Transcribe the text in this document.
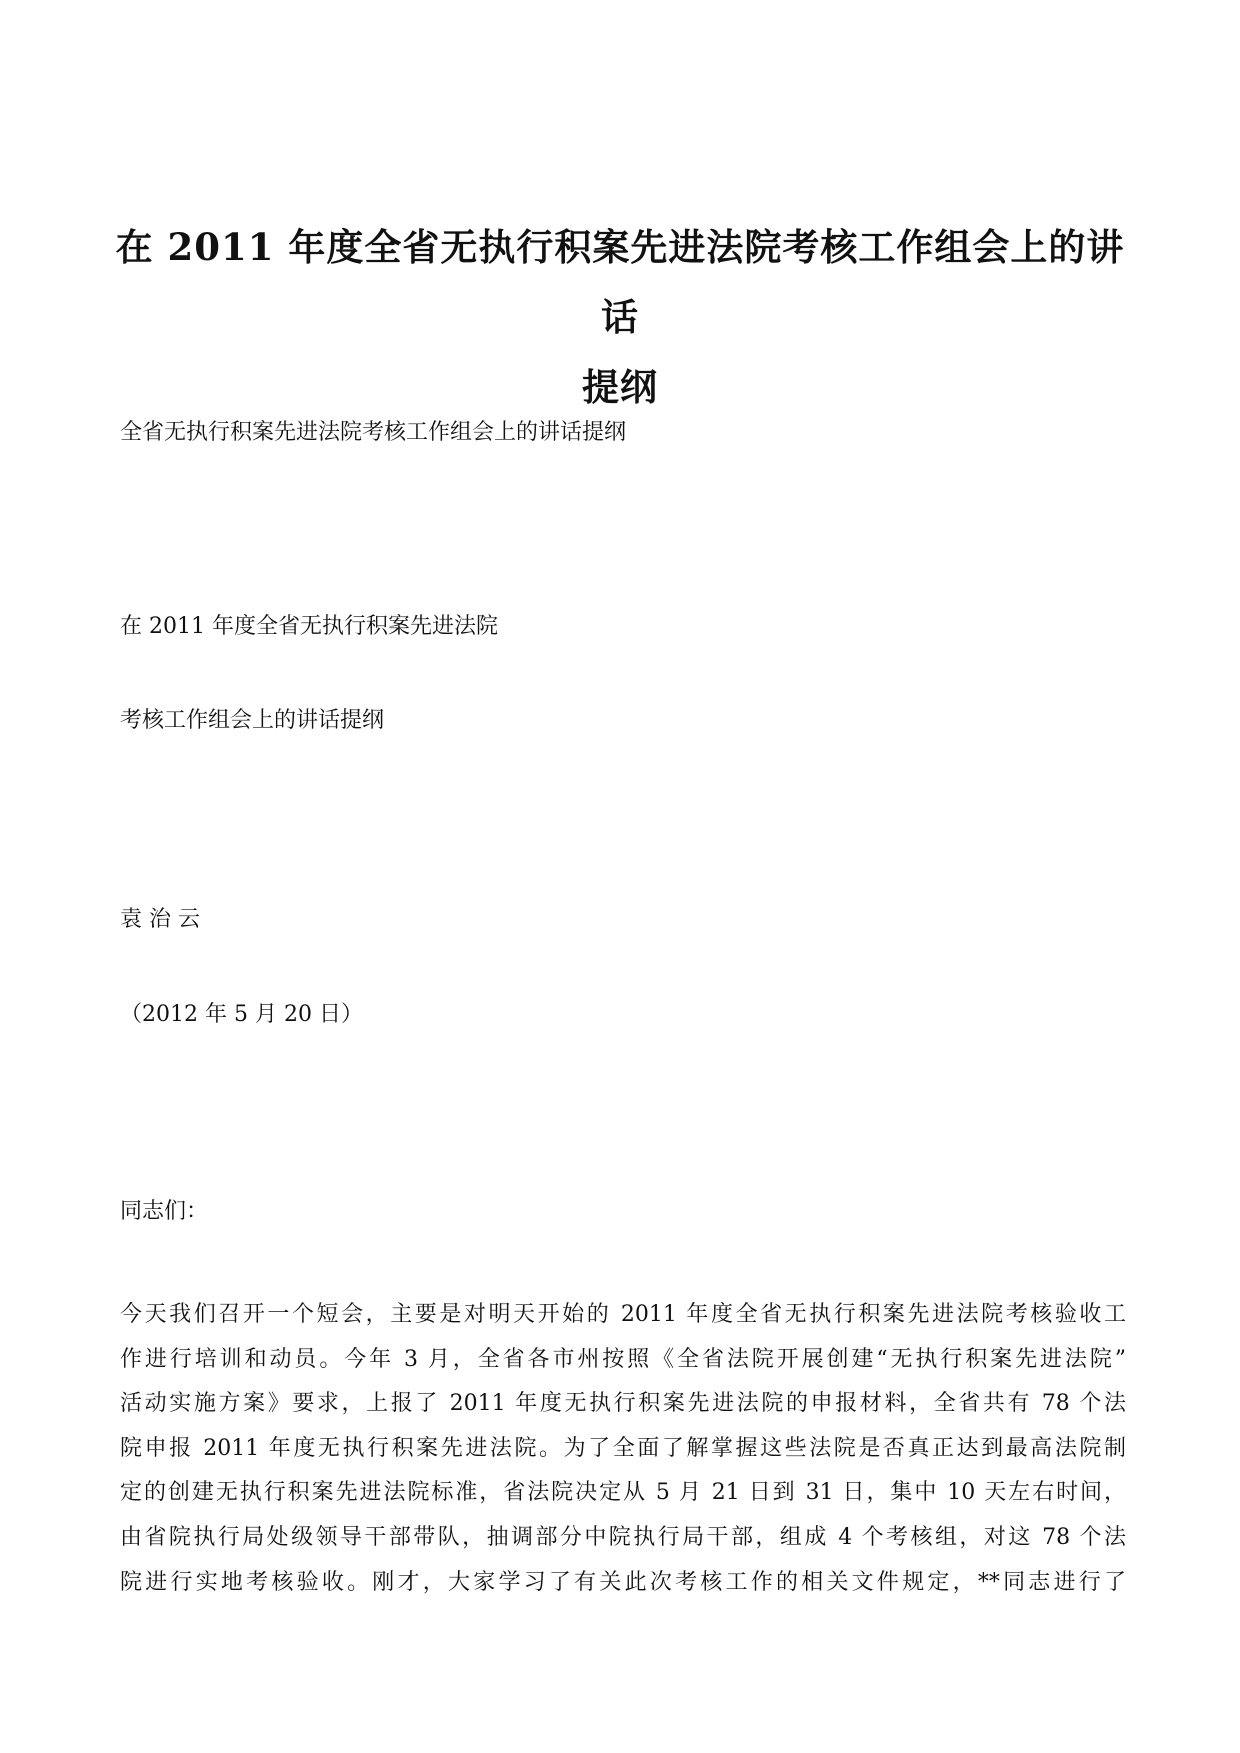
在 2011 年度全省无执行积案先进法院考核工作组会上的讲话
提纲
全省无执行积案先进法院考核工作组会上的讲话提纲
在 2011 年度全省无执行积案先进法院
考核工作组会上的讲话提纲
袁 治 云
（2012 年 5 月 20 日）
同志们：
今天我们召开一个短会，主要是对明天开始的 2011 年度全省无执行积案先进法院考核验收工
作进行培训和动员。今年 3 月，全省各市州按照《全省法院开展创建“无执行积案先进法院”
活动实施方案》要求，上报了 2011 年度无执行积案先进法院的申报材料，全省共有 78 个法
院申报 2011 年度无执行积案先进法院。为了全面了解掌握这些法院是否真正达到最高法院制
定的创建无执行积案先进法院标准，省法院决定从 5 月 21 日到 31 日，集中 10 天左右时间，
由省院执行局处级领导干部带队，抽调部分中院执行局干部，组成 4 个考核组，对这 78 个法
院进行实地考核验收。刚才，大家学习了有关此次考核工作的相关文件规定，**同志进行了
